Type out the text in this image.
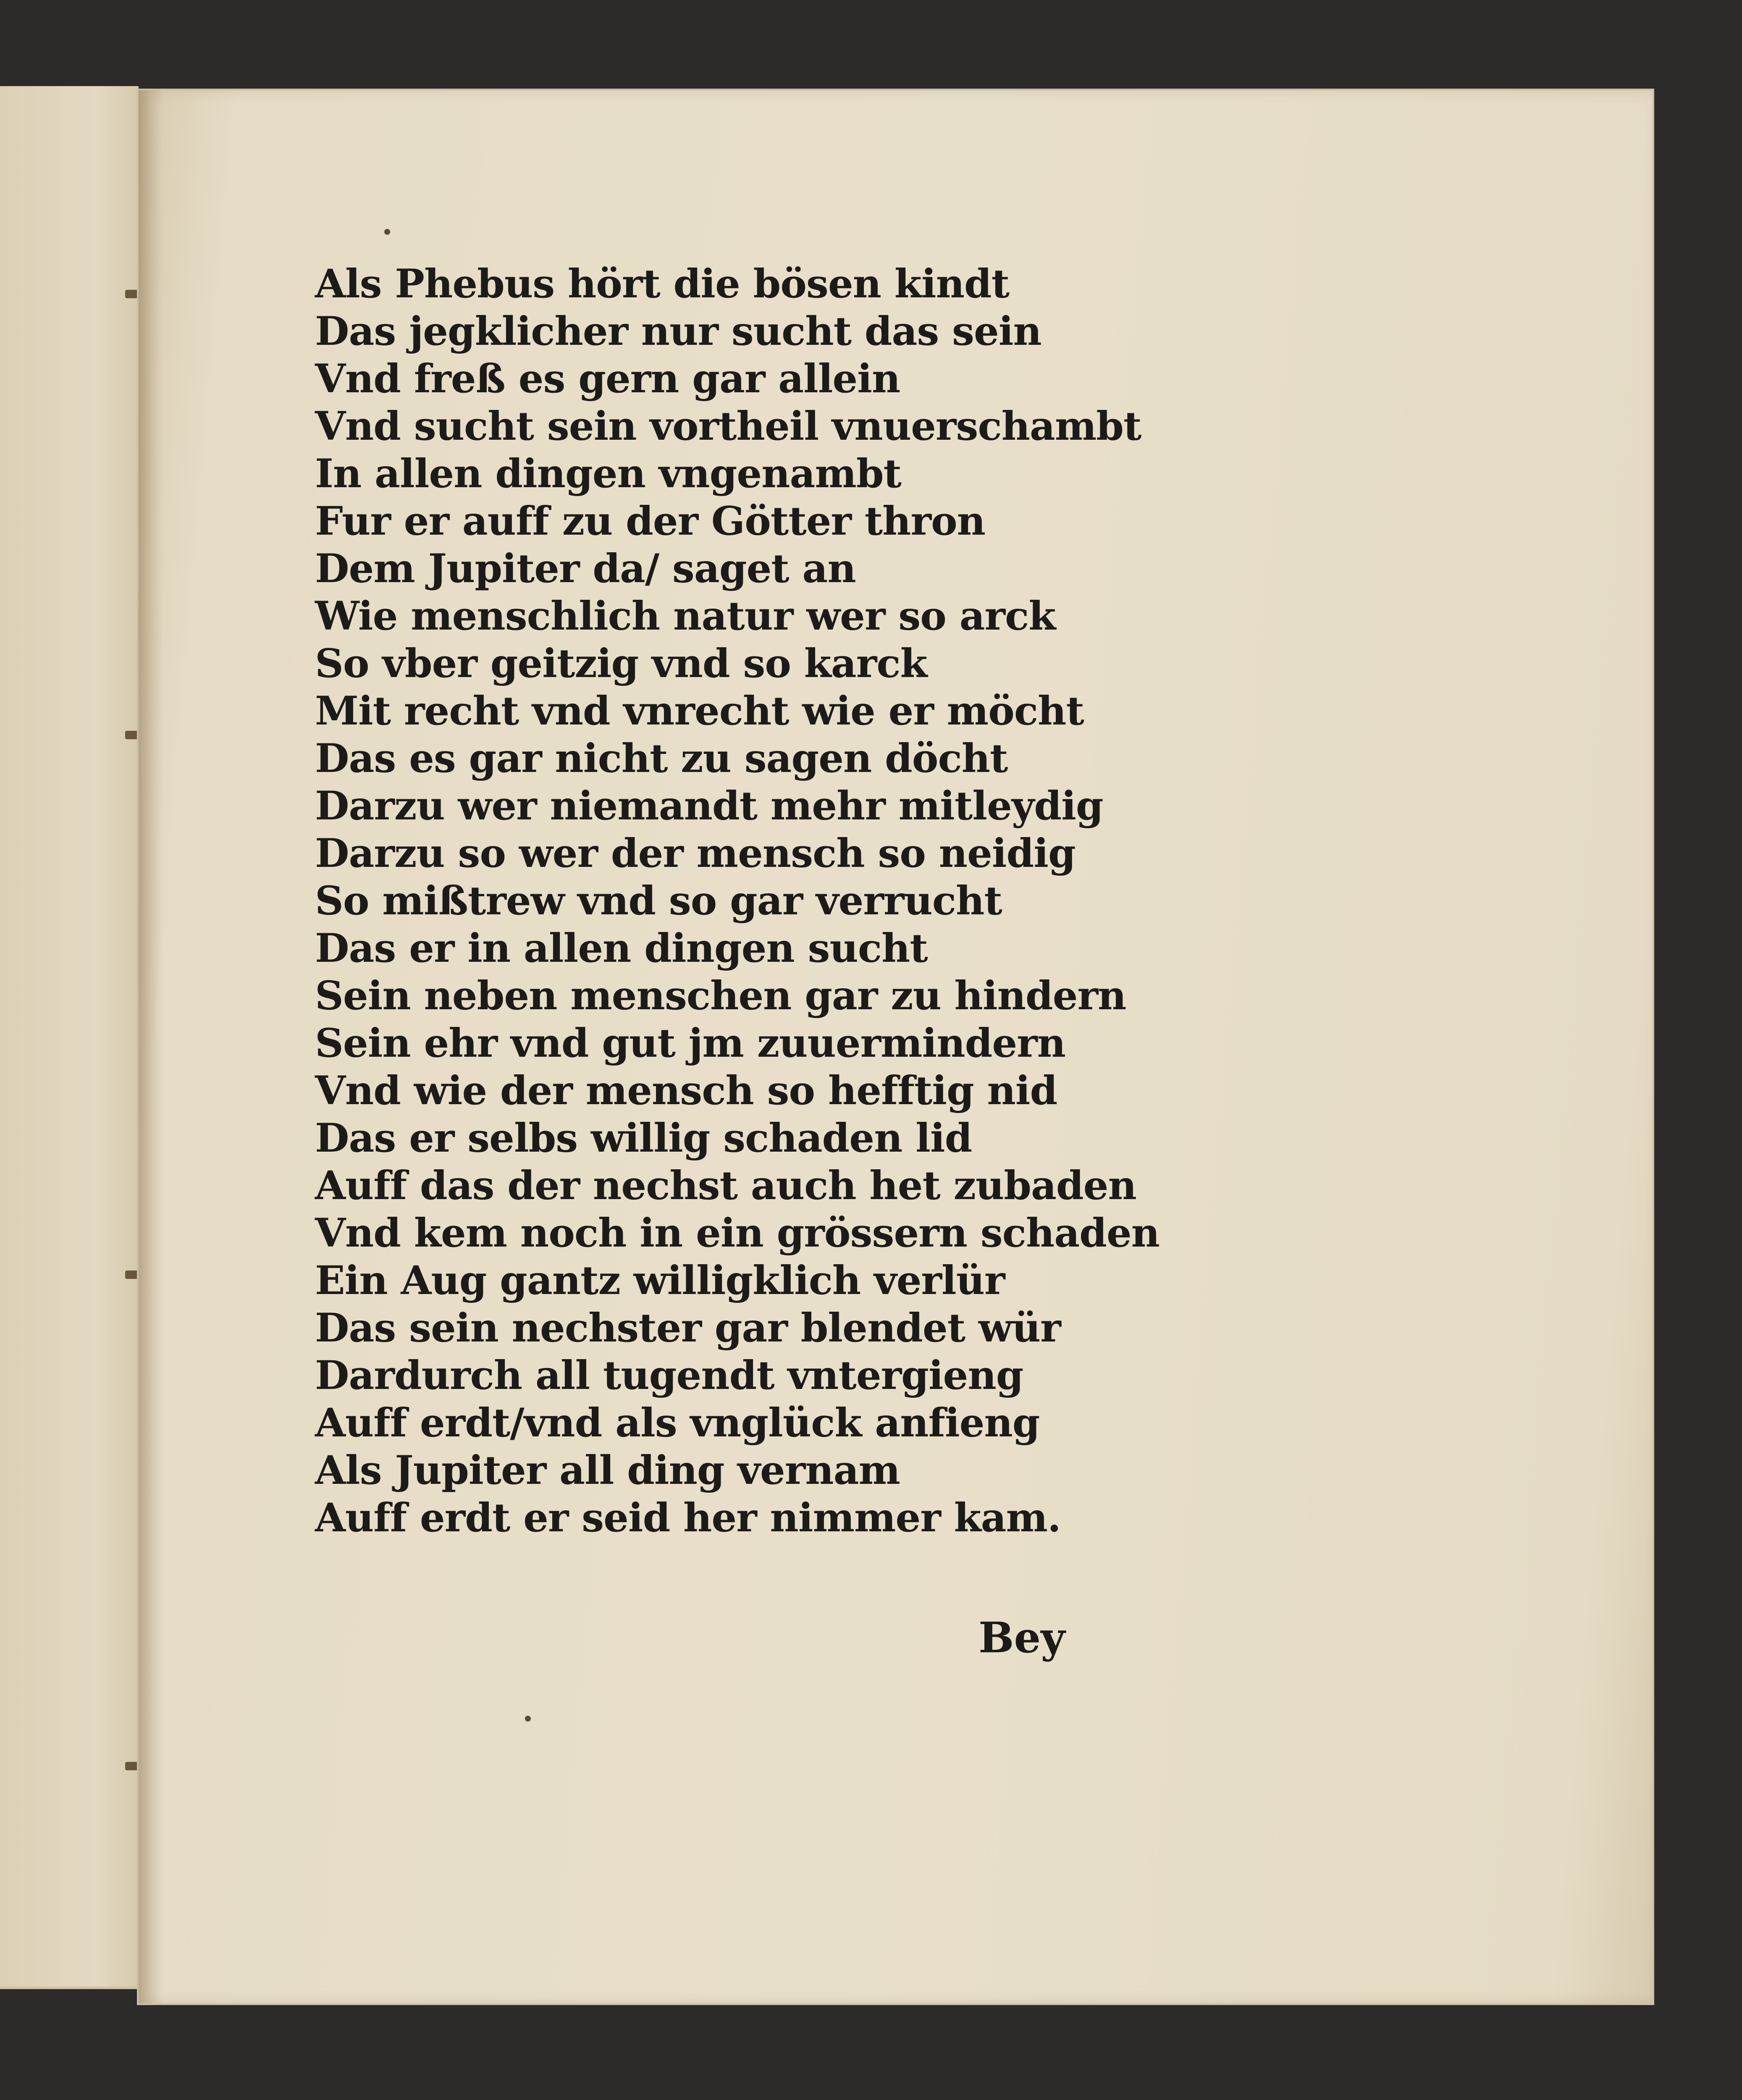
Als Phebus hört die bösen kindt
Das jegklicher nur sucht das sein
Vnd freß es gern gar allein
Vnd sucht sein vortheil vnuerschambt
In allen dingen vngenambt
Fur er auff zu der Götter thron
Dem Jupiter da/ saget an
Wie menschlich natur wer so arck
So vber geitzig vnd so karck
Mit recht vnd vnrecht wie er möcht
Das es gar nicht zu sagen döcht
Darzu wer niemandt mehr mitleydig
Darzu so wer der mensch so neidig
So mißtrew vnd so gar verrucht
Das er in allen dingen sucht
Sein neben menschen gar zu hindern
Sein ehr vnd gut jm zuuermindern
Vnd wie der mensch so hefftig nid
Das er selbs willig schaden lid
Auff das der nechst auch het zubaden
Vnd kem noch in ein grössern schaden
Ein Aug gantz willigklich verlür
Das sein nechster gar blendet wür
Dardurch all tugendt vntergieng
Auff erdt/vnd als vnglück anfieng
Als Jupiter all ding vernam
Auff erdt er seid her nimmer kam.
Bey
